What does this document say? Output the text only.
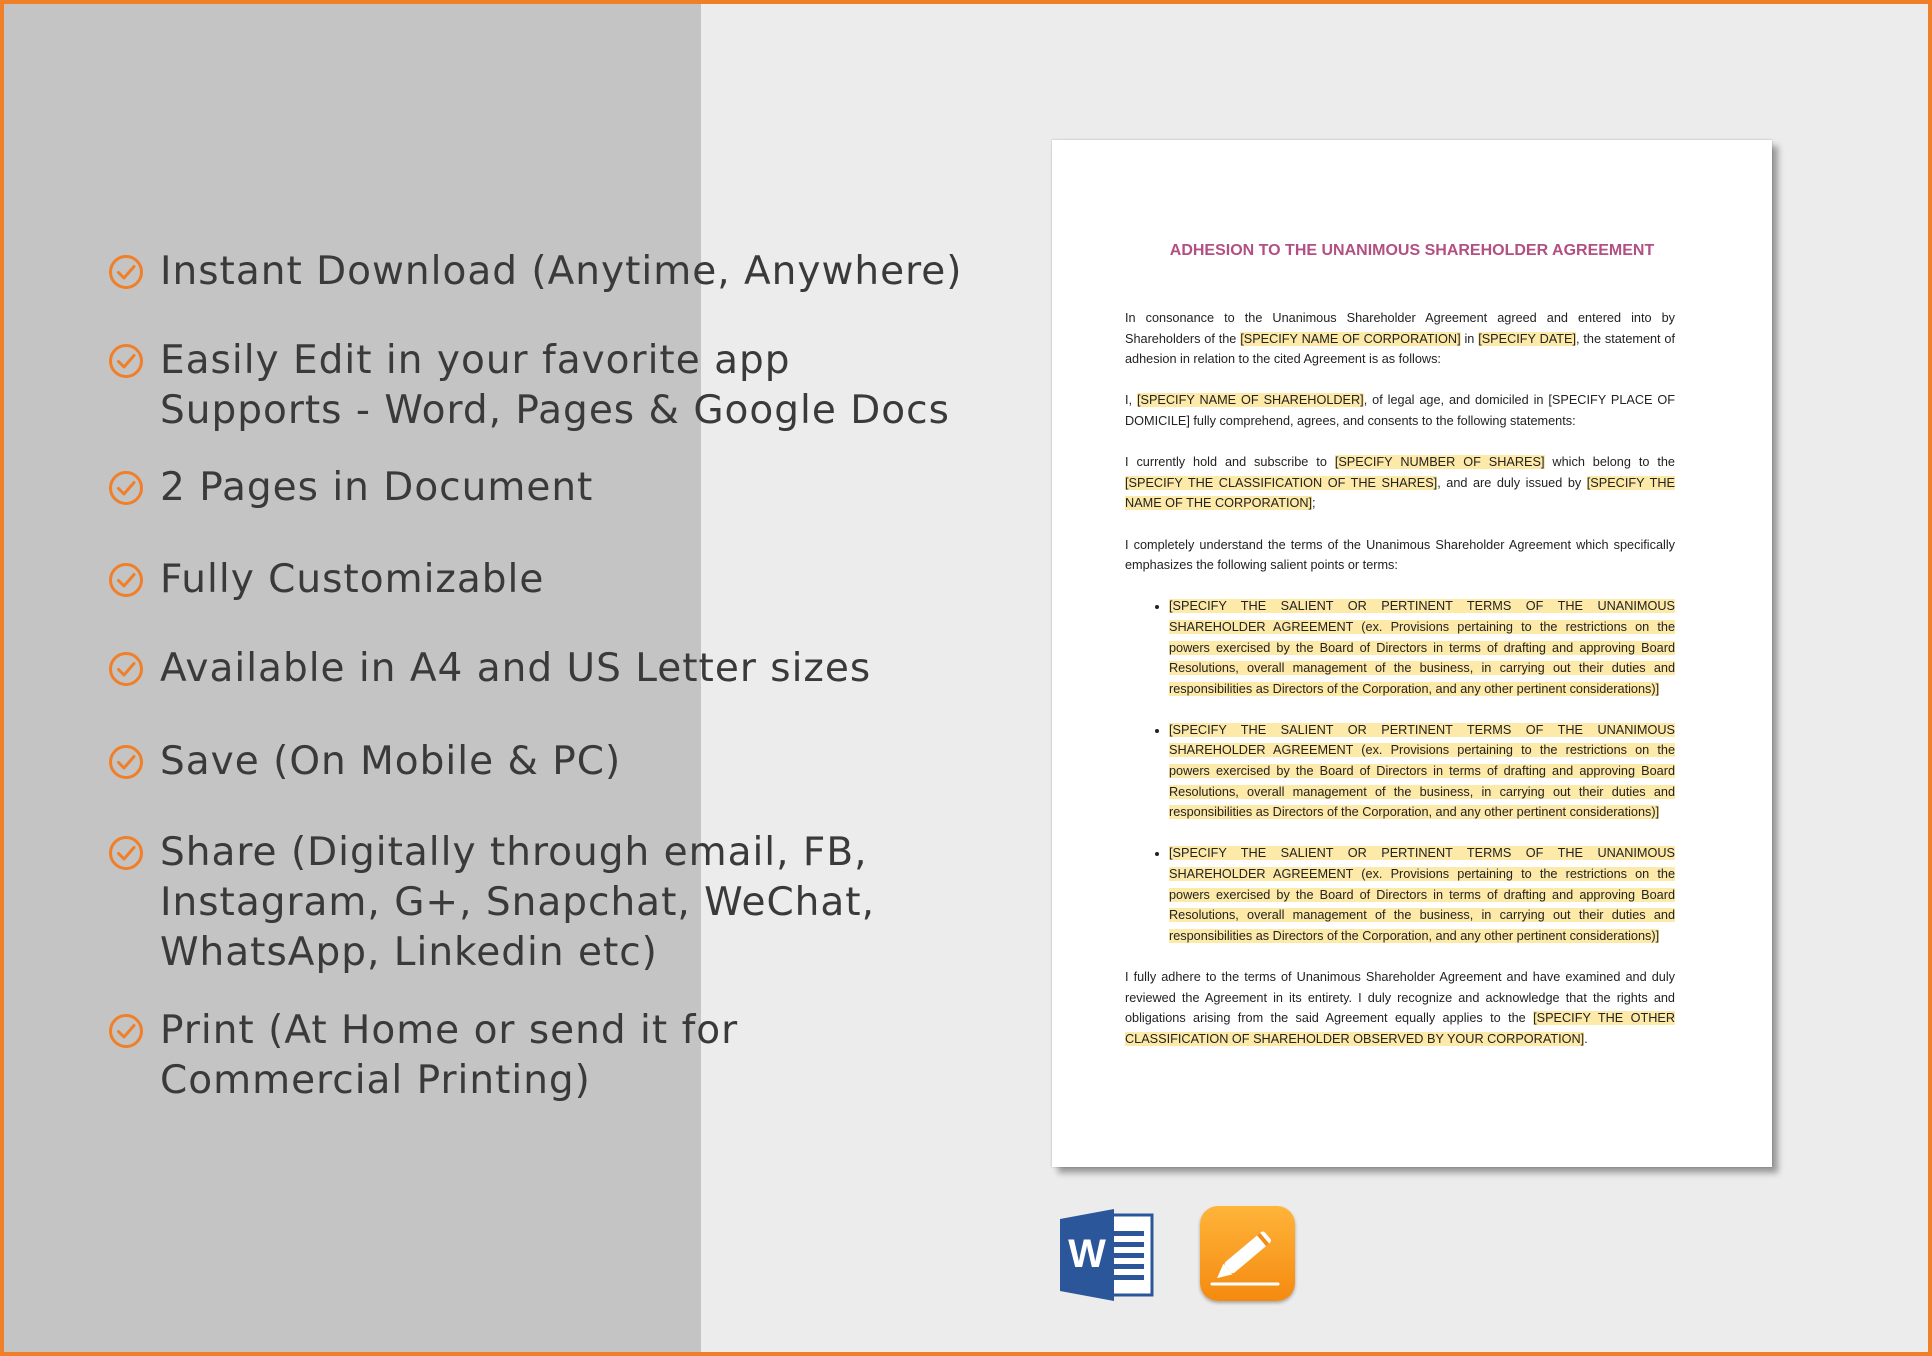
Instant Download (Anytime, Anywhere)
Easily Edit in your favorite app
Supports - Word, Pages & Google Docs
2 Pages in Document
Fully Customizable
Available in A4 and US Letter sizes
Save (On Mobile & PC)
Share (Digitally through email, FB,
Instagram, G+, Snapchat, WeChat,
WhatsApp, Linkedin etc)
Print (At Home or send it for
Commercial Printing)
ADHESION TO THE UNANIMOUS SHAREHOLDER AGREEMENT

In consonance to the Unanimous Shareholder Agreement agreed and entered into by Shareholders of the [SPECIFY NAME OF CORPORATION] in [SPECIFY DATE], the statement of adhesion in relation to the cited Agreement is as follows:

I, [SPECIFY NAME OF SHAREHOLDER], of legal age, and domiciled in [SPECIFY PLACE OF DOMICILE] fully comprehend, agrees, and consents to the following statements:

I currently hold and subscribe to [SPECIFY NUMBER OF SHARES] which belong to the [SPECIFY THE CLASSIFICATION OF THE SHARES], and are duly issued by [SPECIFY THE NAME OF THE CORPORATION];

I completely understand the terms of the Unanimous Shareholder Agreement which specifically emphasizes the following salient points or terms:

• [SPECIFY THE SALIENT OR PERTINENT TERMS OF THE UNANIMOUS SHAREHOLDER AGREEMENT (ex. Provisions pertaining to the restrictions on the powers exercised by the Board of Directors in terms of drafting and approving Board Resolutions, overall management of the business, in carrying out their duties and responsibilities as Directors of the Corporation, and any other pertinent considerations)]
• [SPECIFY THE SALIENT OR PERTINENT TERMS OF THE UNANIMOUS SHAREHOLDER AGREEMENT (ex. Provisions pertaining to the restrictions on the powers exercised by the Board of Directors in terms of drafting and approving Board Resolutions, overall management of the business, in carrying out their duties and responsibilities as Directors of the Corporation, and any other pertinent considerations)]
• [SPECIFY THE SALIENT OR PERTINENT TERMS OF THE UNANIMOUS SHAREHOLDER AGREEMENT (ex. Provisions pertaining to the restrictions on the powers exercised by the Board of Directors in terms of drafting and approving Board Resolutions, overall management of the business, in carrying out their duties and responsibilities as Directors of the Corporation, and any other pertinent considerations)]

I fully adhere to the terms of Unanimous Shareholder Agreement and have examined and duly reviewed the Agreement in its entirety. I duly recognize and acknowledge that the rights and obligations arising from the said Agreement equally applies to the [SPECIFY THE OTHER CLASSIFICATION OF SHAREHOLDER OBSERVED BY YOUR CORPORATION].

W
